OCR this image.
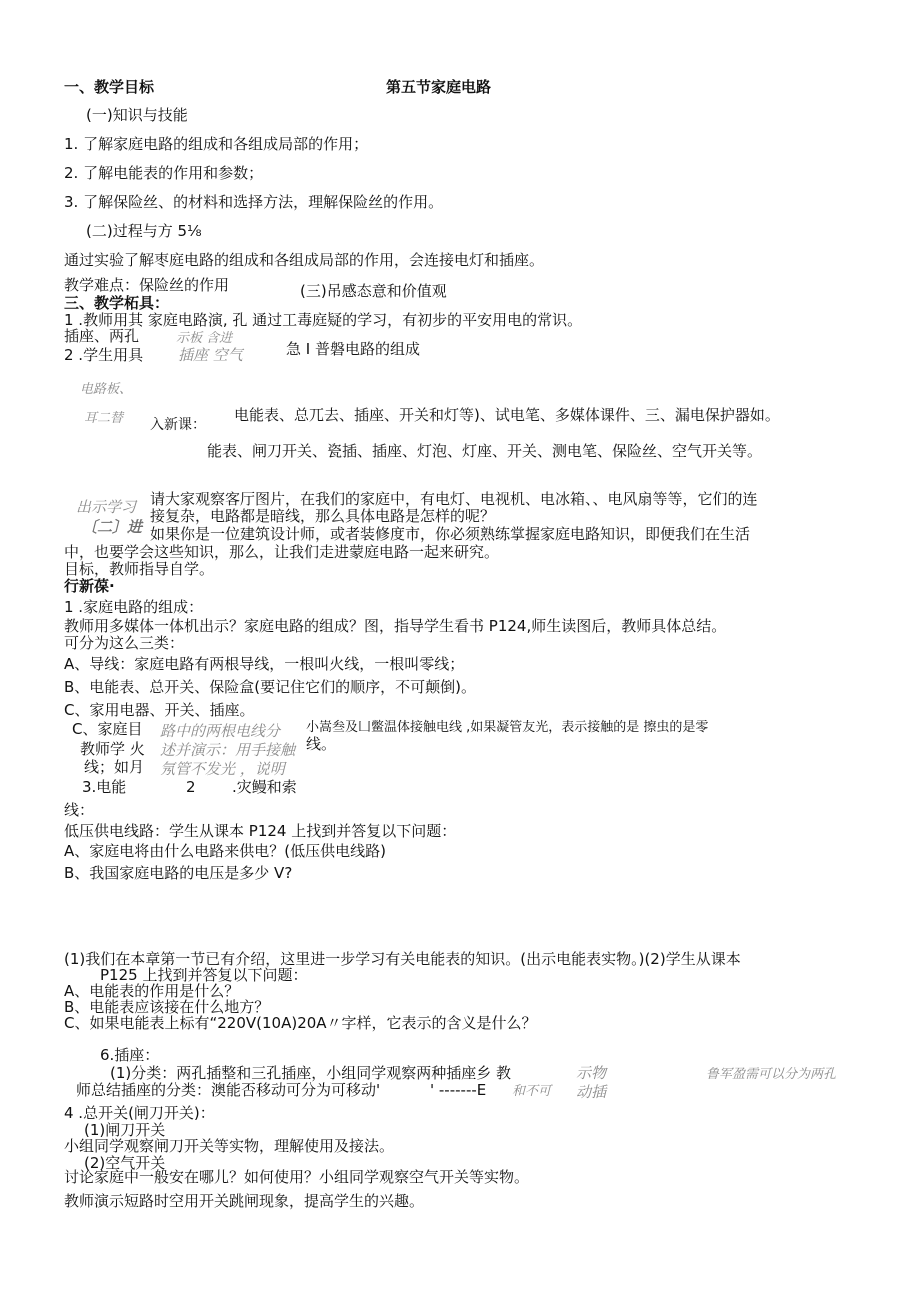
一、教学目标	第五节家庭电路
(一)知识与技能
1. 了解家庭电路的组成和各组成局部的作用；
2. 了解电能表的作用和参数；
3. 了解保险丝、的材料和选择方法，理解保险丝的作用。
(二)过程与方 5⅛
通过实验了解枣庭电路的组成和各组成局部的作用，会连接电灯和插座。
教学难点：保险丝的作用	(三)吊感态意和价值观
三、教学柘具：
1 .教师用其 家庭电路演, 孔 通过工毒庭疑的学习，有初步的平安用电的常识。
示板 含进
插座、两孔
2 .学生用具 插座 空气	急 I 普磐电路的组成
电路板、
耳二替 入新课：
电能表、总兀去、插座、开关和灯等)、试电笔、多媒体课件、三、漏电保护器如。
能表、闸刀开关、瓷插、插座、灯泡、灯座、开关、测电笔、保险丝、空气开关等。
出示学习
〔二〕进
请大家观察客厅图片，在我们的家庭中，有电灯、电视机、电冰箱、、电风扇等等，它们的连
接复杂，电路都是暗线，那么具体电路是怎样的呢？
如果你是一位建筑设计师，或者装修度市，你必须熟练掌握家庭电路知识，即便我们在生活
中，也要学会这些知识，那么，让我们走进蒙庭电路一起来研究。
目标，教师指导自学。
行新葆·
1 .家庭电路的组成：
教师用多媒体一体机出示？家庭电路的组成？图，指导学生看书 P124,师生读图后，教师具体总结。
可分为这么三类：
A、导线：家庭电路有两根导线，一根叫火线，一根叫零线；
B、电能表、总开关、保险盒(要记住它们的顺序，不可颠倒)。
C、家用电器、开关、插座。
C、家庭目 路中的两根电线分 小嵩叁及凵鳖温体接触电线 ,如果凝管友光，表示接触的是 擦虫的是零
线。
教师学 火 述并演示：用手接触
线；如月 氖管不发光 ，说明
3.电能	2 .灾鳗和索
线：
低压供电线路：学生从课本 P124 上找到并答复以下问题：
A、家庭电将由什么电路来供电？(低压供电线路)
B、我国家庭电路的电压是多少 V?
(1)我们在本章第一节已有介绍，这里进一步学习有关电能表的知识。(出示电能表实物。)(2)学生从课本
P125 上找到并答复以下问题：
A、电能表的作用是什么？
B、电能表应该接在什么地方？
C、如果电能表上标有“220V(10A)20A〃字样，它表示的含义是什么？
6.插座：
(1)分类：两孔插整和三孔插座，小组同学观察两种插座乡 教	示物	鲁军盈需可以分为两孔
师总结插座的分类：澳能否移动可分为可移动'	' -------E 和不可 动插
4 .总开关(闸刀开关)：
(1)闸刀开关
小组同学观察闸刀开关等实物，理解使用及接法。
(2)空气开关
讨论家庭中一般安在哪儿？如何使用？小组同学观察空气开关等实物。
教师演示短路时空用开关跳闸现象，提高学生的兴趣。
